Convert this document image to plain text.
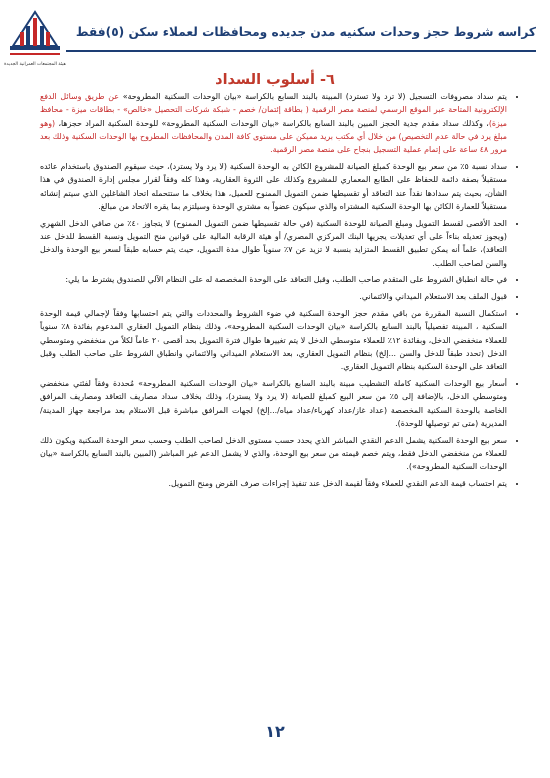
كراسه شروط حجز وحدات سكنيه مدن جديده ومحافظات لعملاء سكن (٥)فقط
هيئة المجتمعات العمرانية الجديدة
٦- أسلوب السداد
• يتم سداد مصروفات التسجيل (لا ترد ولا تسترد) المبينة بالبند السابع بالكراسة «بيان الوحدات السكنية المطروحة» عن طريق وسائل الدفع الإلكترونية المتاحة عبر الموقع الرسمي لمنصة مصر الرقمية ( بطاقة إئتمان/ خصم - شبكة شركات التحصيل «خالص» - بطاقات ميزة - محافظ ميزة)، وكذلك سداد مقدم جدية الحجز المبين بالبند السابع بالكراسة «بيان الوحدات السكنية المطروحة» للوحدة السكنية المراد حجزها، (وهو مبلغ يرد في حالة عدم التخصيص) من خلال أي مكتب بريد مميكن على مستوى كافة المدن والمحافظات المطروح بها الوحدات السكنية وذلك بعد مرور ٤٨ ساعة على إتمام عملية التسجيل بنجاح على منصة مصر الرقمية.
• سداد نسبة ٥٪ من سعر بيع الوحدة كمبلغ الصيانة للمشروع الكائن به الوحدة السكنية (لا يرد ولا يسترد)، حيث سيقوم الصندوق باستخدام عائده مستقبلاً بصفة دائمة للحفاظ على الطابع المعماري للمشروع وكذلك على الثروة العقارية، وهذا كله وفقاً لقرار مجلس إدارة الصندوق في هذا الشأن، بحيث يتم سدادها نقداً عند التعاقد أو تقسيطها ضمن التمويل الممنوح للعميل، هذا بخلاف ما ستتحمله اتحاد الشاغلين الذي سيتم إنشائه مستقبلاً للعمارة الكائن بها الوحدة السكنية المشتراه والذي سيكون عضواً به مشتري الوحدة وسيلتزم بما يقره الاتحاد من مبالغ.
• الحد الأقصى لقسط التمويل ومبلغ الصيانة للوحدة السكنية (في حالة تقسيطها ضمن التمويل الممنوح) لا يتجاوز ٤٠٪ من صافي الدخل الشهري (ويجوز تعديله بناءاً على أي تعديلات يجريها البنك المركزي المصري/ أو هيئة الرقابة المالية على قوانين منح التمويل ونسبة القسط للدخل عند التعاقد)، علماً أنه يمكن تطبيق القسط المتزايد بنسبة لا تزيد عن ٧٪ سنوياً طوال مدة التمويل، حيث يتم حسابه طبقاً لسعر بيع الوحدة والدخل والسن لصاحب الطلب.
• في حالة انطباق الشروط على المتقدم صاحب الطلب، وقبل التعاقد على الوحدة المخصصة له على النظام الآلي للصندوق يشترط ما يلي:
• قبول الملف بعد الاستعلام الميداني والائتماني.
• استكمال النسبة المقررة من باقي مقدم حجز الوحدة السكنية في ضوء الشروط والمحددات والتي يتم احتسابها وفقاً لإجمالي قيمة الوحدة السكنية ، المبينة تفصيلياً بالبند السابع بالكراسة «بيان الوحدات السكنية المطروحة»، وذلك بنظام التمويل العقاري المدعوم بفائدة ٨٪ سنوياً للعملاء منخفضي الدخل، وبفائدة ١٢٪ للعملاء متوسطي الدخل لا يتم تغييرها طوال فترة التمويل بحد أقصى ٢٠ عاماً لكلاً من منخفضي ومتوسطي الدخل (تحدد طبقاً للدخل والسن ...إلخ) بنظام التمويل العقاري، بعد الاستعلام الميداني والائتماني وانطباق الشروط على صاحب الطلب وقبل التعاقد على الوحدة السكنية بنظام التمويل العقاري.
• أسعار بيع الوحدات السكنية كاملة التشطيب مبينة بالبند السابع بالكراسة «بيان الوحدات السكنية المطروحة» مُحددة وفقاً لفئتي منخفضي ومتوسطي الدخل، بالإضافة إلى ٥٪ من سعر البيع كمبلغ للصيانة (لا يرد ولا يسترد)، وذلك بخلاف سداد مصاريف التعاقد ومصاريف المرافق الخاصة بالوحدة السكنية المخصصة (عداد غاز/عداد كهرباء/عداد مياه/...إلخ) لجهات المرافق مباشرة قبل الاستلام بعد مراجعة جهاز المدينة/ المديرية (متى تم توصيلها للوحدة).
• سعر بيع الوحدة السكنية يشمل الدعم النقدي المباشر الذي يحدد حسب مستوى الدخل لصاحب الطلب وحسب سعر الوحدة السكنية ويكون ذلك للعملاء من منخفضي الدخل فقط، ويتم خصم قيمته من سعر بيع الوحدة، والذي لا يشمل الدعم غير المباشر (المبين بالبند السابع بالكراسة «بيان الوحدات السكنية المطروحة»).
• يتم احتساب قيمة الدعم النقدي للعملاء وفقاً لقيمة الدخل عند تنفيذ إجراءات صرف القرض ومنح التمويل.
١٢
